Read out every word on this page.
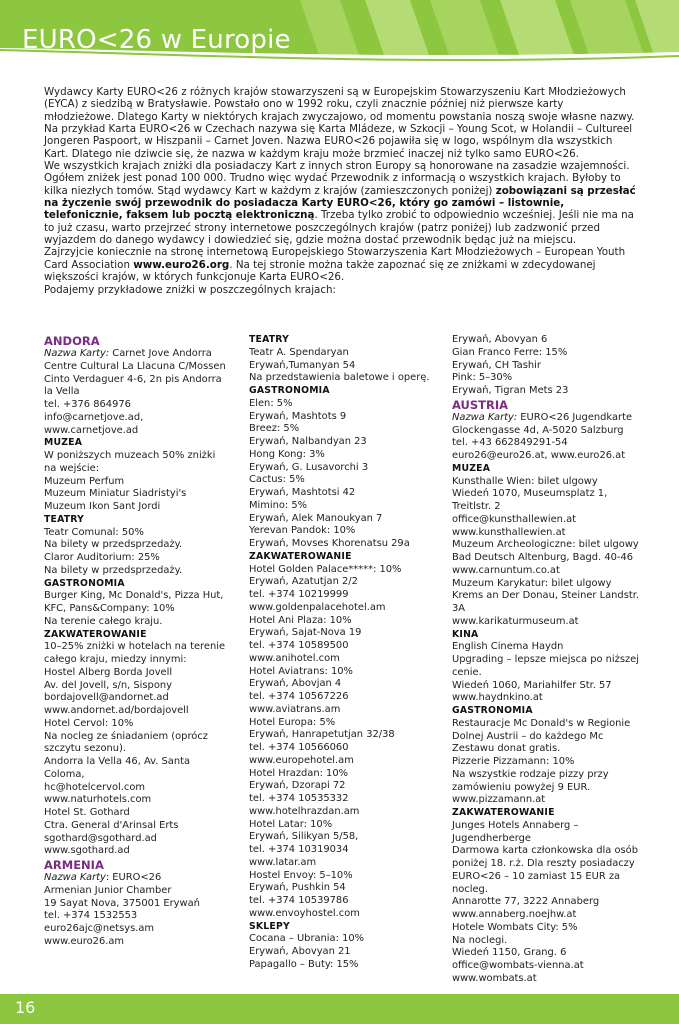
EURO<26 w Europie

Wydawcy Karty EURO<26 z różnych krajów stowarzyszeni są w Europejskim Stowarzyszeniu Kart Młodzieżowych (EYCA) z siedzibą w Bratysławie. Powstało ono w 1992 roku, czyli znacznie później niż pierwsze karty młodzieżowe. Dlatego Karty w niektórych krajach zwyczajowo, od momentu powstania noszą swoje własne nazwy. Na przykład Karta EURO<26 w Czechach nazywa się Karta Mládeze, w Szkocji – Young Scot, w Holandii – Cultureel Jongeren Paspoort, w Hiszpanii – Carnet Joven. Nazwa EURO<26 pojawiła się w logo, wspólnym dla wszystkich Kart. Dlatego nie dziwcie się, że nazwa w każdym kraju może brzmieć inaczej niż tylko samo EURO<26.

We wszystkich krajach zniżki dla posiadaczy Kart z innych stron Europy są honorowane na zasadzie wzajemności. Ogółem zniżek jest ponad 100 000. Trudno więc wydać Przewodnik z informacją o wszystkich krajach. Byłoby to kilka niezłych tomów. Stąd wydawcy Kart w każdym z krajów (zamieszczonych poniżej) zobowiązani są przesłać na życzenie swój przewodnik do posiadacza Karty EURO<26, który go zamówi – listownie, telefonicznie, faksem lub pocztą elektroniczną. Trzeba tylko zrobić to odpowiednio wcześniej. Jeśli nie ma na to już czasu, warto przejrzeć strony internetowe poszczególnych krajów (patrz poniżej) lub zadzwonić przed wyjazdem do danego wydawcy i dowiedzieć się, gdzie można dostać przewodnik będąc już na miejscu.

Zajrzyjcie koniecznie na stronę internetową Europejskiego Stowarzyszenia Kart Młodzieżowych – European Youth Card Association www.euro26.org. Na tej stronie można także zapoznać się ze zniżkami w zdecydowanej większości krajów, w których funkcjonuje Karta EURO<26.

Podajemy przykładowe zniżki w poszczególnych krajach:

ANDORA
Nazwa Karty: Carnet Jove Andorra
Centre Cultural La Llacuna C/Mossen
Cinto Verdaguer 4-6, 2n pis Andorra la Vella
tel. +376 864976
info@carnetjove.ad, www.carnetjove.ad
MUZEA
W poniższych muzeach 50% zniżki na wejście:
Muzeum Perfum
Muzeum Miniatur Siadristyi's
Muzeum Ikon Sant Jordi
TEATRY
Teatr Comunal: 50%
Na bilety w przedsprzedaży.
Claror Auditorium: 25%
Na bilety w przedsprzedaży.
GASTRONOMIA
Burger King, Mc Donald's, Pizza Hut, KFC, Pans&Company: 10%
Na terenie całego kraju.
ZAKWATEROWANIE
10–25% zniżki w hotelach na terenie całego kraju, miedzy innymi:
Hostel Alberg Borda Jovell
Av. del Jovell, s/n, Sispony
bordajovell@andornet.ad
www.andornet.ad/bordajovell
Hotel Cervol: 10%
Na nocleg ze śniadaniem (oprócz szczytu sezonu).
Andorra la Vella 46, Av. Santa Coloma,
hc@hotelcervol.com
www.naturhotels.com
Hotel St. Gothard
Ctra. General d'Arinsal Erts
sgothard@sgothard.ad
www.sgothard.ad
ARMENIA
Nazwa Karty: EURO<26
Armenian Junior Chamber
19 Sayat Nova, 375001 Erywań
tel. +374 1532553
euro26ajc@netsys.am
www.euro26.am
TEATRY
Teatr A. Spendaryan
Erywań,Tumanyan 54
Na przedstawienia baletowe i operę.
GASTRONOMIA
Elen: 5%
Erywań, Mashtots 9
Breez: 5%
Erywań, Nalbandyan 23
Hong Kong: 3%
Erywań, G. Lusavorchi 3
Cactus: 5%
Erywań, Mashtotsi 42
Mimino: 5%
Erywań, Alek Manoukyan 7
Yerevan Pandok: 10%
Erywań, Movses Khorenatsu 29a
ZAKWATEROWANIE
Hotel Golden Palace*****: 10%
Erywań, Azatutjan 2/2
tel. +374 10219999
www.goldenpalacehotel.am
Hotel Ani Plaza: 10%
Erywań, Sajat-Nova 19
tel. +374 10589500
www.anihotel.com
Hotel Aviatrans: 10%
Erywań, Abovjan 4
tel. +374 10567226
www.aviatrans.am
Hotel Europa: 5%
Erywań, Hanrapetutjan 32/38
tel. +374 10566060
www.europehotel.am
Hotel Hrazdan: 10%
Erywań, Dzorapi 72
tel. +374 10535332
www.hotelhrazdan.am
Hotel Latar: 10%
Erywań, Silikyan 5/58,
tel. +374 10319034
www.latar.am
Hostel Envoy: 5–10%
Erywań, Pushkin 54
tel. +374 10539786
www.envoyhostel.com
SKLEPY
Cocana – Ubrania: 10%
Erywań, Abovyan 21
Papagallo – Buty: 15%
Erywań, Abovyan 6
Gian Franco Ferre: 15%
Erywań, CH Tashir
Pink: 5–30%
Erywań, Tigran Mets 23
AUSTRIA
Nazwa Karty: EURO<26 Jugendkarte
Glockengasse 4d, A-5020 Salzburg
tel. +43 662849291-54
euro26@euro26.at, www.euro26.at
MUZEA
Kunsthalle Wien: bilet ulgowy
Wiedeń 1070, Museumsplatz 1, Treitlstr. 2
office@kunsthallewien.at
www.kunsthallewien.at
Muzeum Archeologiczne: bilet ulgowy
Bad Deutsch Altenburg, Bagd. 40-46
www.carnuntum.co.at
Muzeum Karykatur: bilet ulgowy
Krems an Der Donau, Steiner Landstr. 3A
www.karikaturmuseum.at
KINA
English Cinema Haydn
Upgrading – lepsze miejsca po niższej cenie.
Wiedeń 1060, Mariahilfer Str. 57
www.haydnkino.at
GASTRONOMIA
Restauracje Mc Donald's w Regionie Dolnej Austrii – do każdego Mc Zestawu donat gratis.
Pizzerie Pizzamann: 10%
Na wszystkie rodzaje pizzy przy zamówieniu powyżej 9 EUR.
www.pizzamann.at
ZAKWATEROWANIE
Junges Hotels Annaberg – Jugendherberge
Darmowa karta członkowska dla osób poniżej 18. r.ż. Dla reszty posiadaczy EURO<26 – 10 zamiast 15 EUR za nocleg.
Annarotte 77, 3222 Annaberg
www.annaberg.noejhw.at
Hotele Wombats City: 5%
Na noclegi.
Wiedeń 1150, Grang. 6
office@wombats-vienna.at
www.wombats.at
16
